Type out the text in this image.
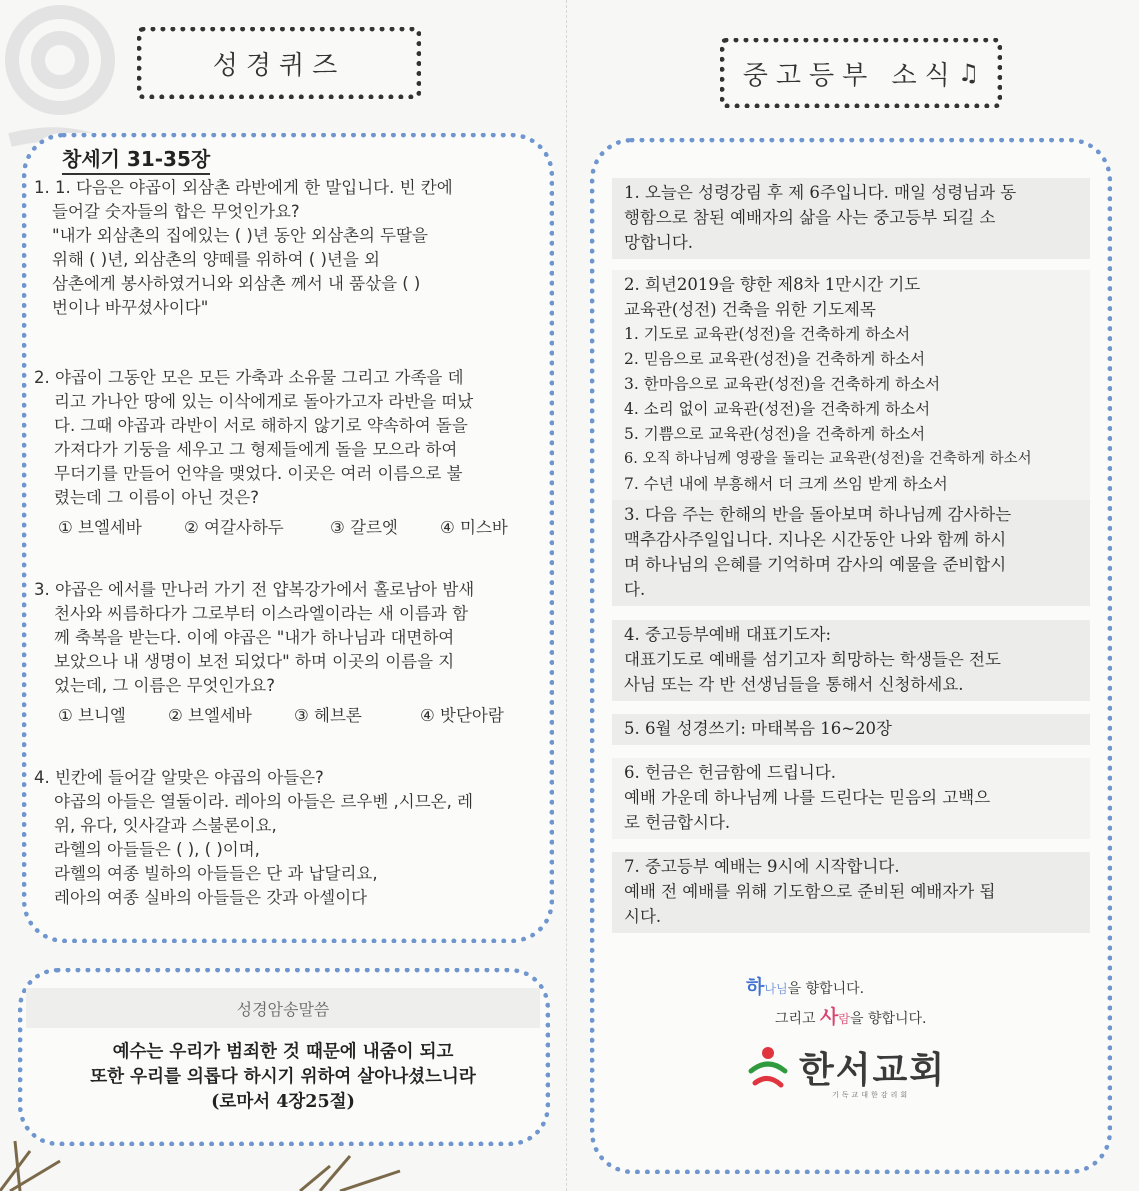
성경퀴즈
창세기 31-35장
1. 1. 다음은 야곱이 외삼촌 라반에게 한 말입니다. 빈 칸에
들어갈 숫자들의 합은 무엇인가요?
"내가 외삼촌의 집에있는 ( )년 동안 외삼촌의 두딸을
위해 ( )년, 외삼촌의 양떼를 위하여 ( )년을 외
삼촌에게 봉사하였거니와 외삼촌 께서 내 품삯을 ( )
번이나 바꾸셨사이다"
2. 야곱이 그동안 모은 모든 가축과 소유물 그리고 가족을 데
리고 가나안 땅에 있는 이삭에게로 돌아가고자 라반을 떠났
다. 그때 야곱과 라반이 서로 해하지 않기로 약속하여 돌을
가져다가 기둥을 세우고 그 형제들에게 돌을 모으라 하여
무더기를 만들어 언약을 맺었다. 이곳은 여러 이름으로 불
렸는데 그 이름이 아닌 것은?
① 브엘세바	② 여갈사하두	③ 갈르엣	④ 미스바
3. 야곱은 에서를 만나러 가기 전 얍복강가에서 홀로남아 밤새
천사와 씨름하다가 그로부터 이스라엘이라는 새 이름과 함
께 축복을 받는다. 이에 야곱은 "내가 하나님과 대면하여
보았으나 내 생명이 보전 되었다" 하며 이곳의 이름을 지
었는데, 그 이름은 무엇인가요?
① 브니엘	② 브엘세바	③ 헤브론	④ 밧단아람
4. 빈칸에 들어갈 알맞은 야곱의 아들은?
야곱의 아들은 열둘이라. 레아의 아들은 르우벤 ,시므온, 레
위, 유다, 잇사갈과 스불론이요,
라헬의 아들들은 ( ), ( )이며,
라헬의 여종 빌하의 아들들은 단 과 납달리요,
레아의 여종 실바의 아들들은 갓과 아셀이다
성경암송말씀
예수는 우리가 범죄한 것 때문에 내줌이 되고
또한 우리를 의롭다 하시기 위하여 살아나셨느니라
(로마서 4장25절)
중고등부 소식 ♫
1. 오늘은 성령강림 후 제 6주입니다. 매일 성령님과 동
행함으로 참된 예배자의 삶을 사는 중고등부 되길 소
망합니다.
2. 희년2019을 향한 제8차 1만시간 기도
교육관(성전) 건축을 위한 기도제목
1. 기도로 교육관(성전)을 건축하게 하소서
2. 믿음으로 교육관(성전)을 건축하게 하소서
3. 한마음으로 교육관(성전)을 건축하게 하소서
4. 소리 없이 교육관(성전)을 건축하게 하소서
5. 기쁨으로 교육관(성전)을 건축하게 하소서
6. 오직 하나님께 영광을 돌리는 교육관(성전)을 건축하게 하소서
7. 수년 내에 부흥해서 더 크게 쓰임 받게 하소서
3. 다음 주는 한해의 반을 돌아보며 하나님께 감사하는
맥추감사주일입니다. 지나온 시간동안 나와 함께 하시
며 하나님의 은혜를 기억하며 감사의 예물을 준비합시
다.
4. 중고등부예배 대표기도자:
대표기도로 예배를 섬기고자 희망하는 학생들은 전도
사님 또는 각 반 선생님들을 통해서 신청하세요.
5. 6월 성경쓰기: 마태복음 16~20장
6. 헌금은 헌금함에 드립니다.
예배 가운데 하나님께 나를 드린다는 믿음의 고백으
로 헌금합시다.
7. 중고등부 예배는 9시에 시작합니다.
예배 전 예배를 위해 기도함으로 준비된 예배자가 됩
시다.
하나님을 향합니다.
그리고 사람을 향합니다.
한서교회
기독교대한감리회
